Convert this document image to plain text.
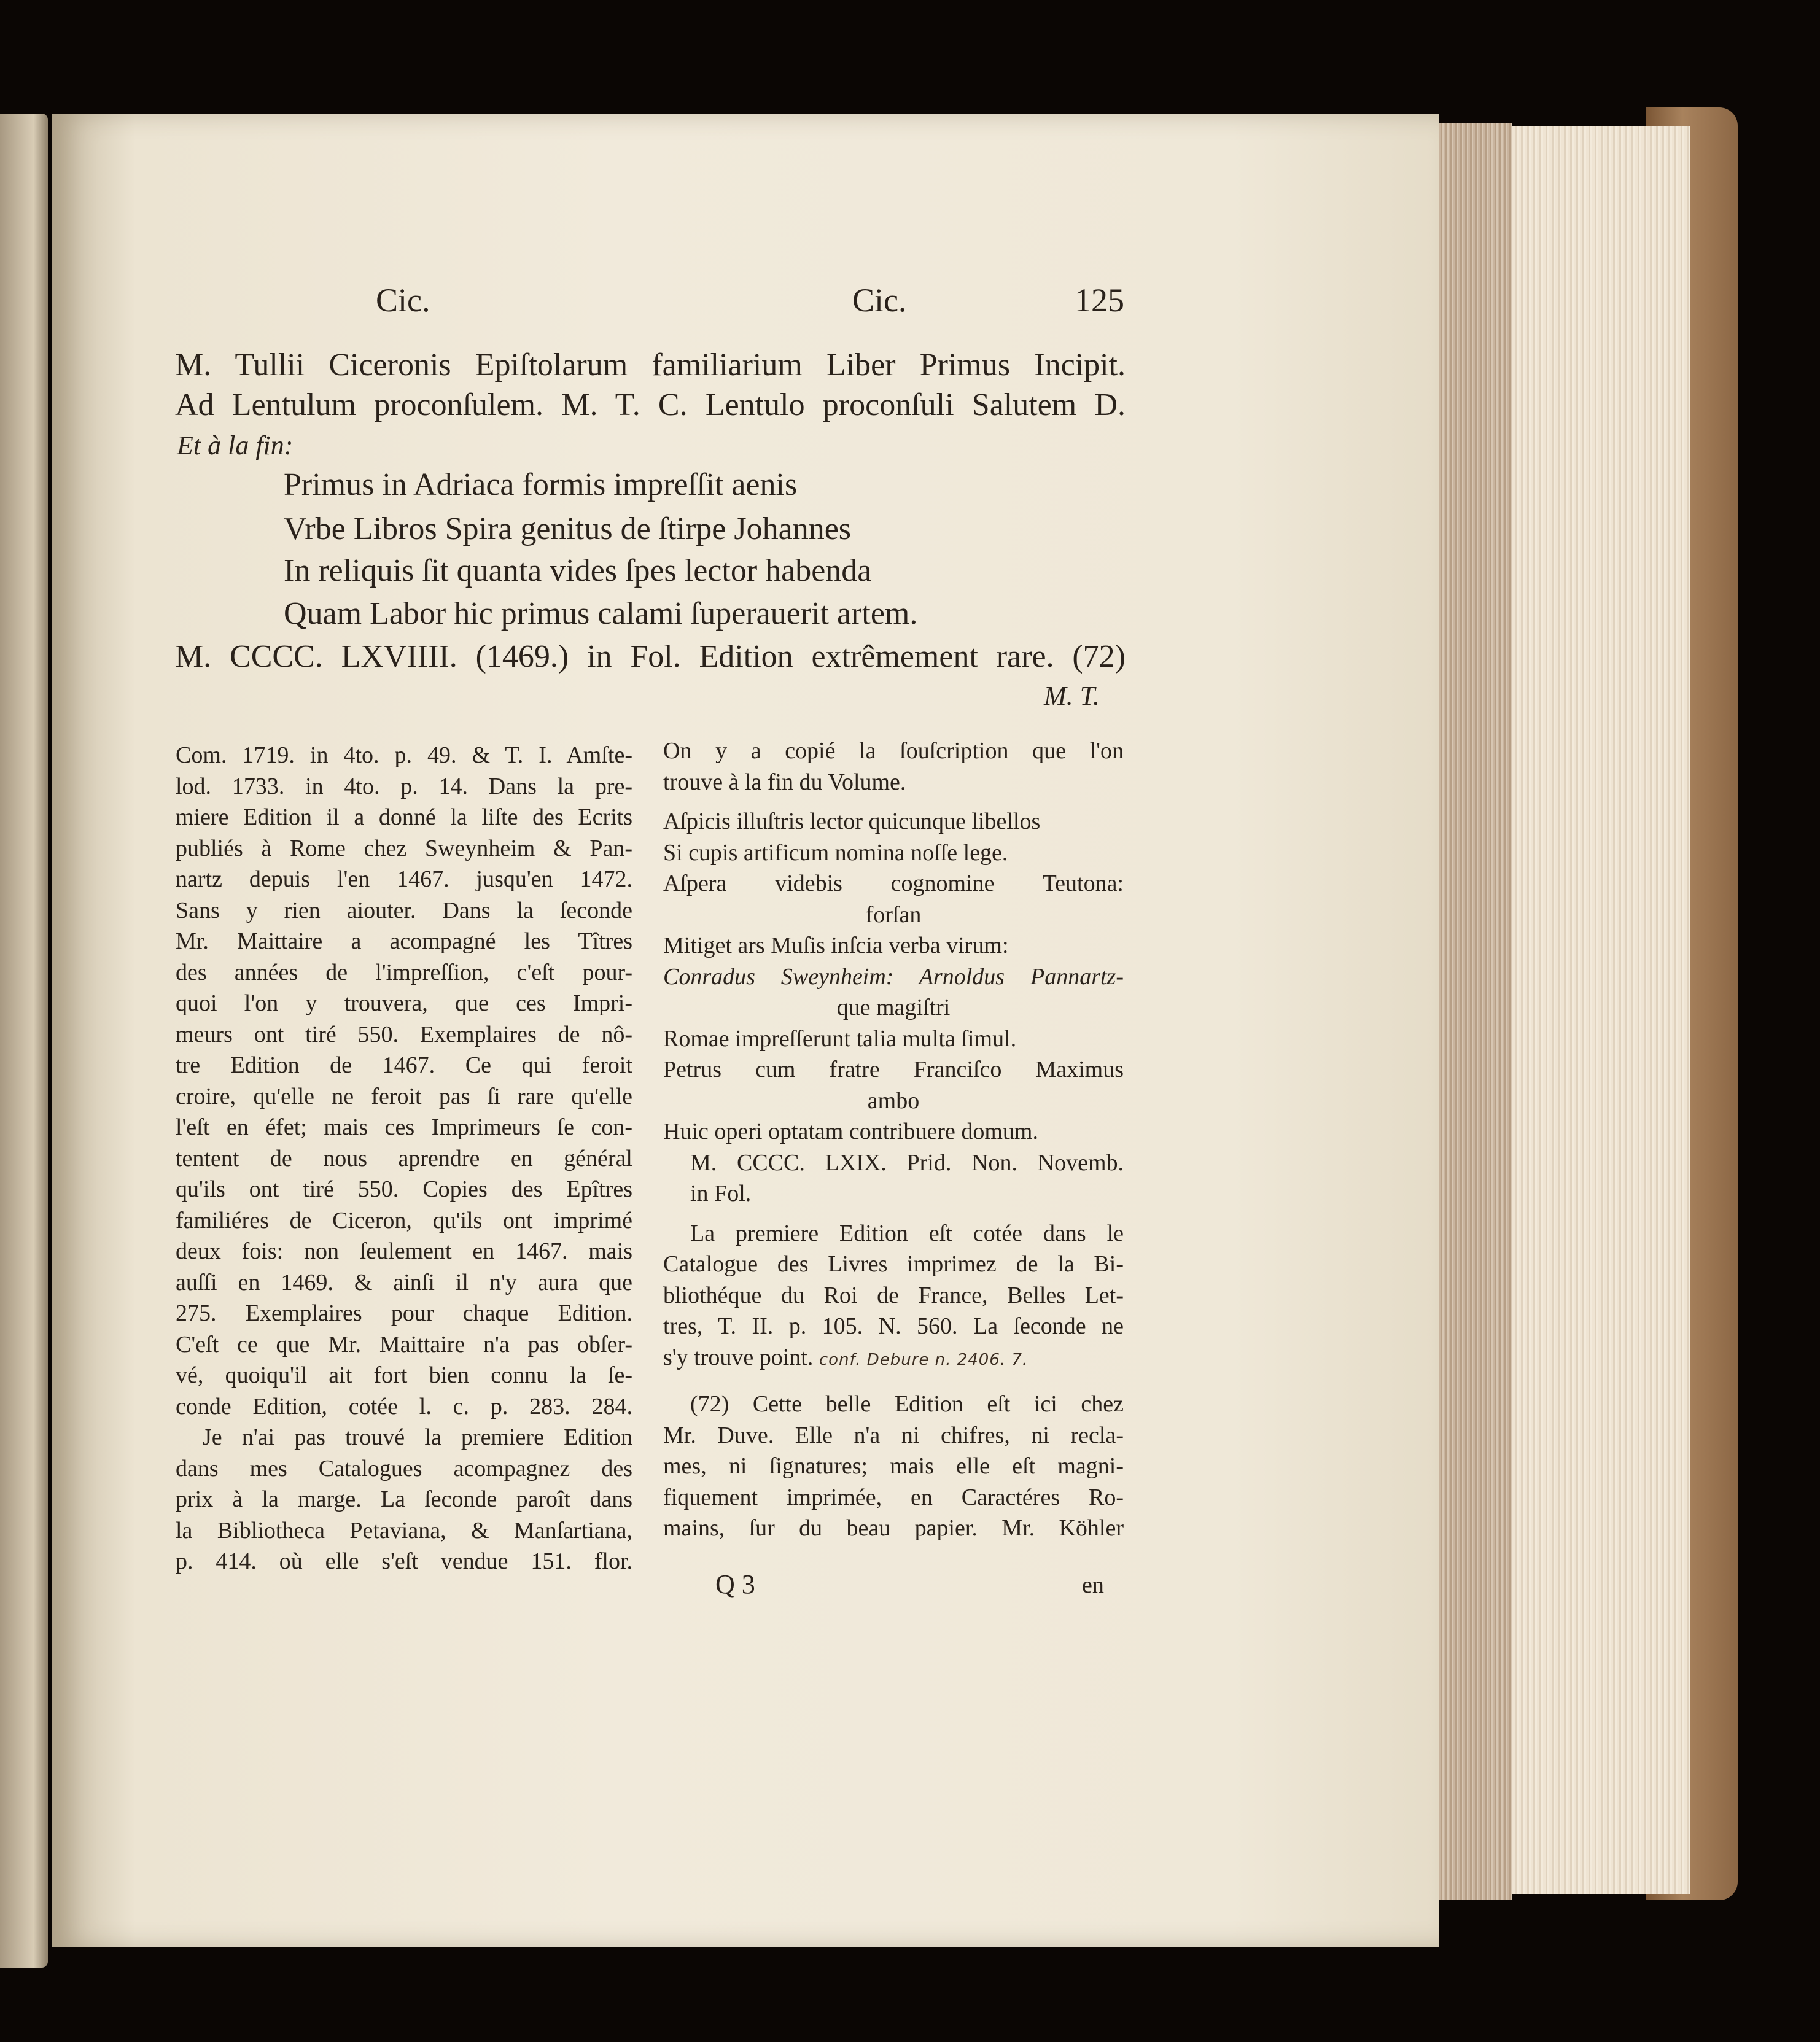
Cic.	Cic.	125
M. Tullii Ciceronis Epiſtolarum familiarium Liber Primus Incipit.
Ad Lentulum proconſulem. M. T. C. Lentulo proconſuli Salutem D.
Et à la fin:
Primus in Adriaca formis impreſſit aenis
Vrbe Libros Spira genitus de ſtirpe Johannes
In reliquis ſit quanta vides ſpes lector habenda
Quam Labor hic primus calami ſuperauerit artem.
M. CCCC. LXVIIII. (1469.) in Fol. Edition extrêmement rare. (72)
M. T.
Com. 1719. in 4to. p. 49. & T. I. Amſte-
lod. 1733. in 4to. p. 14. Dans la pre-
miere Edition il a donné la liſte des Ecrits
publiés à Rome chez Sweynheim & Pan-
nartz depuis l'en 1467. jusqu'en 1472.
Sans y rien aiouter. Dans la ſeconde
Mr. Maittaire a acompagné les Tîtres
des années de l'impreſſion, c'eſt pour-
quoi l'on y trouvera, que ces Impri-
meurs ont tiré 550. Exemplaires de nô-
tre Edition de 1467. Ce qui feroit
croire, qu'elle ne feroit pas ſi rare qu'elle
l'eſt en éfet; mais ces Imprimeurs ſe con-
tentent de nous aprendre en général
qu'ils ont tiré 550. Copies des Epîtres
familiéres de Ciceron, qu'ils ont imprimé
deux fois: non ſeulement en 1467. mais
auſſi en 1469. & ainſi il n'y aura que
275. Exemplaires pour chaque Edition.
C'eſt ce que Mr. Maittaire n'a pas obſer-
vé, quoiqu'il ait fort bien connu la ſe-
conde Edition, cotée l. c. p. 283. 284.
Je n'ai pas trouvé la premiere Edition
dans mes Catalogues acompagnez des
prix à la marge. La ſeconde paroît dans
la Bibliotheca Petaviana, & Manſartiana,
p. 414. où elle s'eſt vendue 151. flor.
On y a copié la ſouſcription que l'on
trouve à la fin du Volume.
Aſpicis illuſtris lector quicunque libellos
Si cupis artificum nomina noſſe lege.
Aſpera videbis cognomine Teutona:
forſan
Mitiget ars Muſis inſcia verba virum:
Conradus Sweynheim: Arnoldus Pannartz-
que magiſtri
Romae impreſſerunt talia multa ſimul.
Petrus cum fratre Franciſco Maximus
ambo
Huic operi optatam contribuere domum.
M. CCCC. LXIX. Prid. Non. Novemb.
in Fol.
La premiere Edition eſt cotée dans le
Catalogue des Livres imprimez de la Bi-
bliothéque du Roi de France, Belles Let-
tres, T. II. p. 105. N. 560. La ſeconde ne
s'y trouve point. conf. Debure n. 2406. 7.
(72) Cette belle Edition eſt ici chez
Mr. Duve. Elle n'a ni chifres, ni recla-
mes, ni ſignatures; mais elle eſt magni-
fiquement imprimée, en Caractéres Ro-
mains, ſur du beau papier. Mr. Köhler
Q 3	en
